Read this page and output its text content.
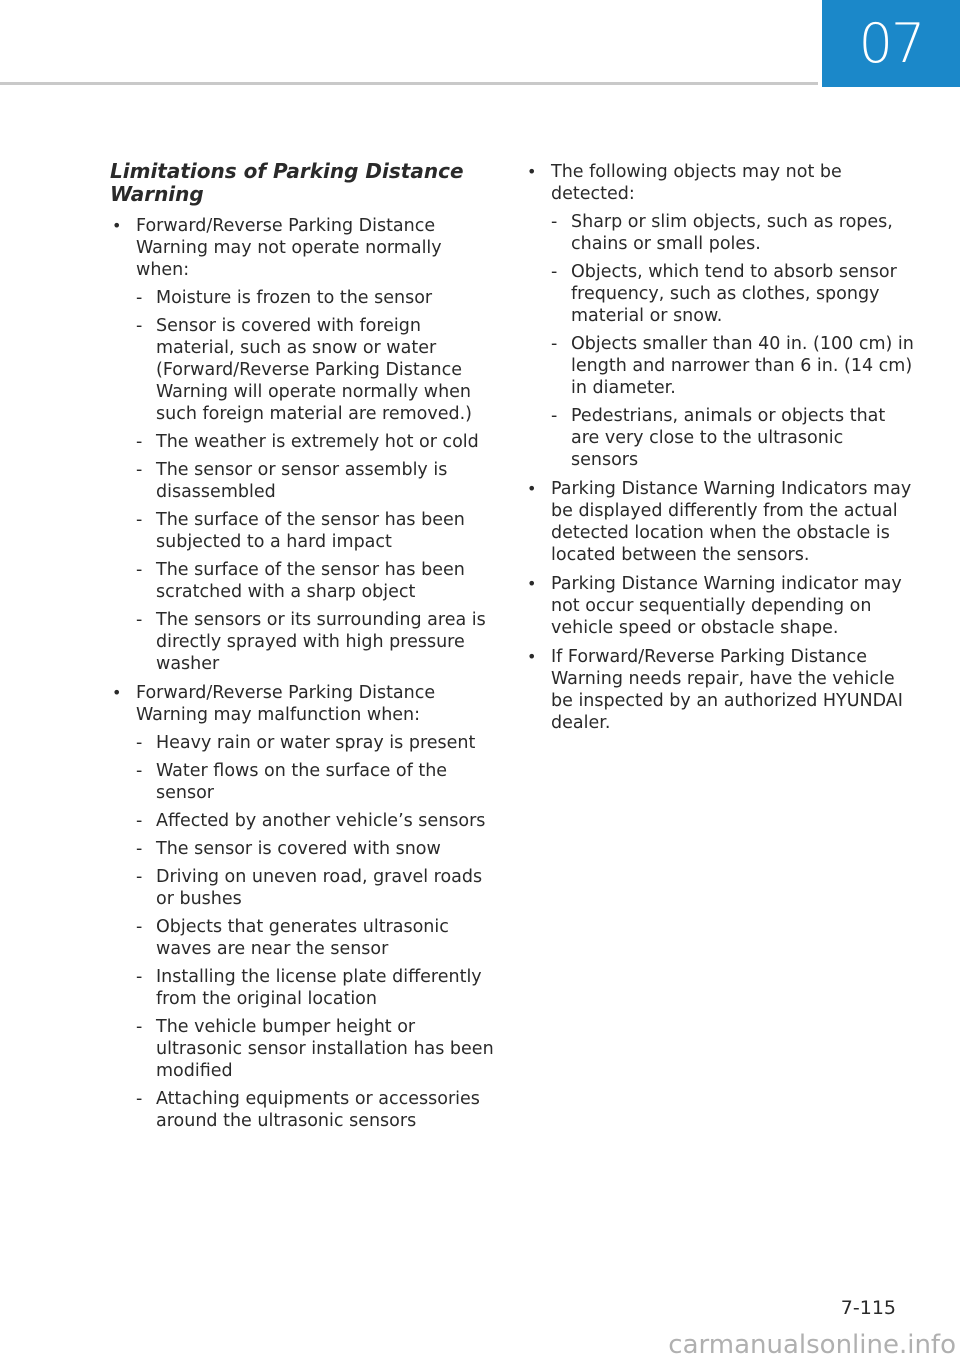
07
Limitations of Parking Distance Warning
• Forward/Reverse Parking Distance Warning may not operate normally when:
- Moisture is frozen to the sensor
- Sensor is covered with foreign material, such as snow or water (Forward/Reverse Parking Distance Warning will operate normally when such foreign material are removed.)
- The weather is extremely hot or cold
- The sensor or sensor assembly is disassembled
- The surface of the sensor has been subjected to a hard impact
- The surface of the sensor has been scratched with a sharp object
- The sensors or its surrounding area is directly sprayed with high pressure washer
• Forward/Reverse Parking Distance Warning may malfunction when:
- Heavy rain or water spray is present
- Water flows on the surface of the sensor
- Affected by another vehicle’s sensors
- The sensor is covered with snow
- Driving on uneven road, gravel roads or bushes
- Objects that generates ultrasonic waves are near the sensor
- Installing the license plate differently from the original location
- The vehicle bumper height or ultrasonic sensor installation has been modified
- Attaching equipments or accessories around the ultrasonic sensors
• The following objects may not be detected:
- Sharp or slim objects, such as ropes, chains or small poles.
- Objects, which tend to absorb sensor frequency, such as clothes, spongy material or snow.
- Objects smaller than 40 in. (100 cm) in length and narrower than 6 in. (14 cm) in diameter.
- Pedestrians, animals or objects that are very close to the ultrasonic sensors
• Parking Distance Warning Indicators may be displayed differently from the actual detected location when the obstacle is located between the sensors.
• Parking Distance Warning indicator may not occur sequentially depending on vehicle speed or obstacle shape.
• If Forward/Reverse Parking Distance Warning needs repair, have the vehicle be inspected by an authorized HYUNDAI dealer.
7-115
carmanualsonline.info
